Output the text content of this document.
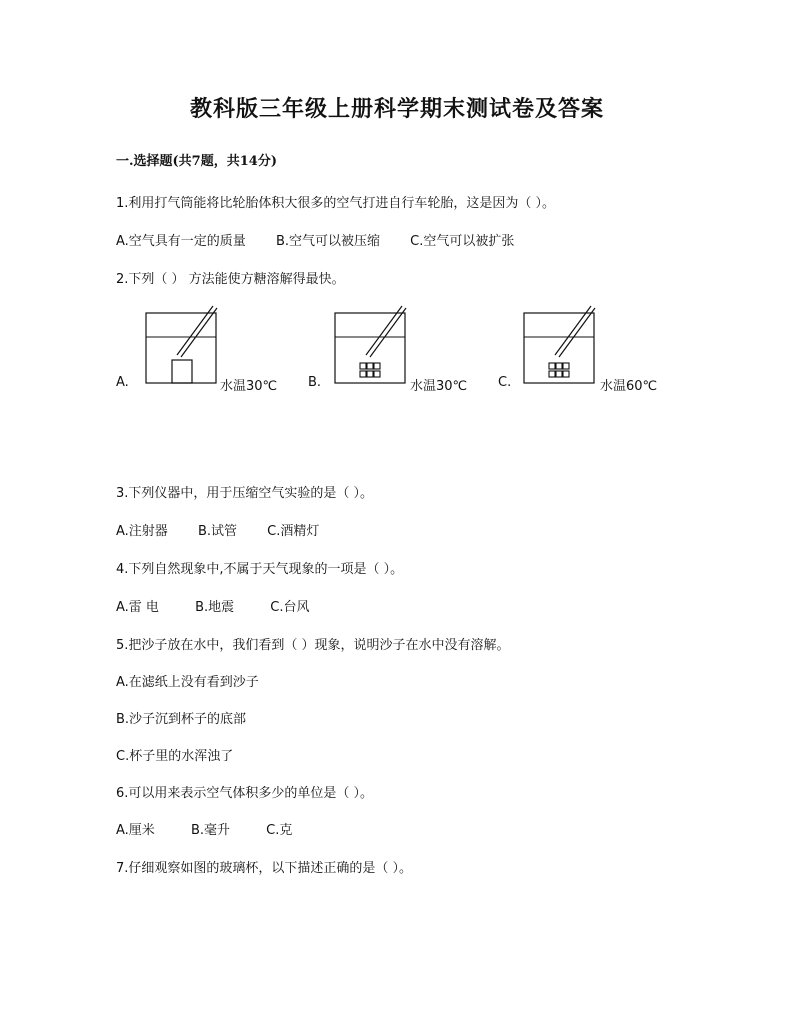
教科版三年级上册科学期末测试卷及答案
一.选择题(共7题，共14分)
1.利用打气筒能将比轮胎体积大很多的空气打进自行车轮胎，这是因为（ ）。
A.空气具有一定的质量 B.空气可以被压缩 C.空气可以被扩张
2.下列（ ） 方法能使方糖溶解得最快。
A.	水温30℃ B.	水温30℃ C.	水温60℃
3.下列仪器中，用于压缩空气实验的是（ ）。
A.注射器 B.试管 C.酒精灯
4.下列自然现象中,不属于天气现象的一项是（ ）。
A.雷 电	B.地震	C.台风
5.把沙子放在水中，我们看到（ ）现象，说明沙子在水中没有溶解。
A.在滤纸上没有看到沙子
B.沙子沉到杯子的底部
C.杯子里的水浑浊了
6.可以用来表示空气体积多少的单位是（ ）。
A.厘米	B.毫升	C.克
7.仔细观察如图的玻璃杯，以下描述正确的是（ ）。
